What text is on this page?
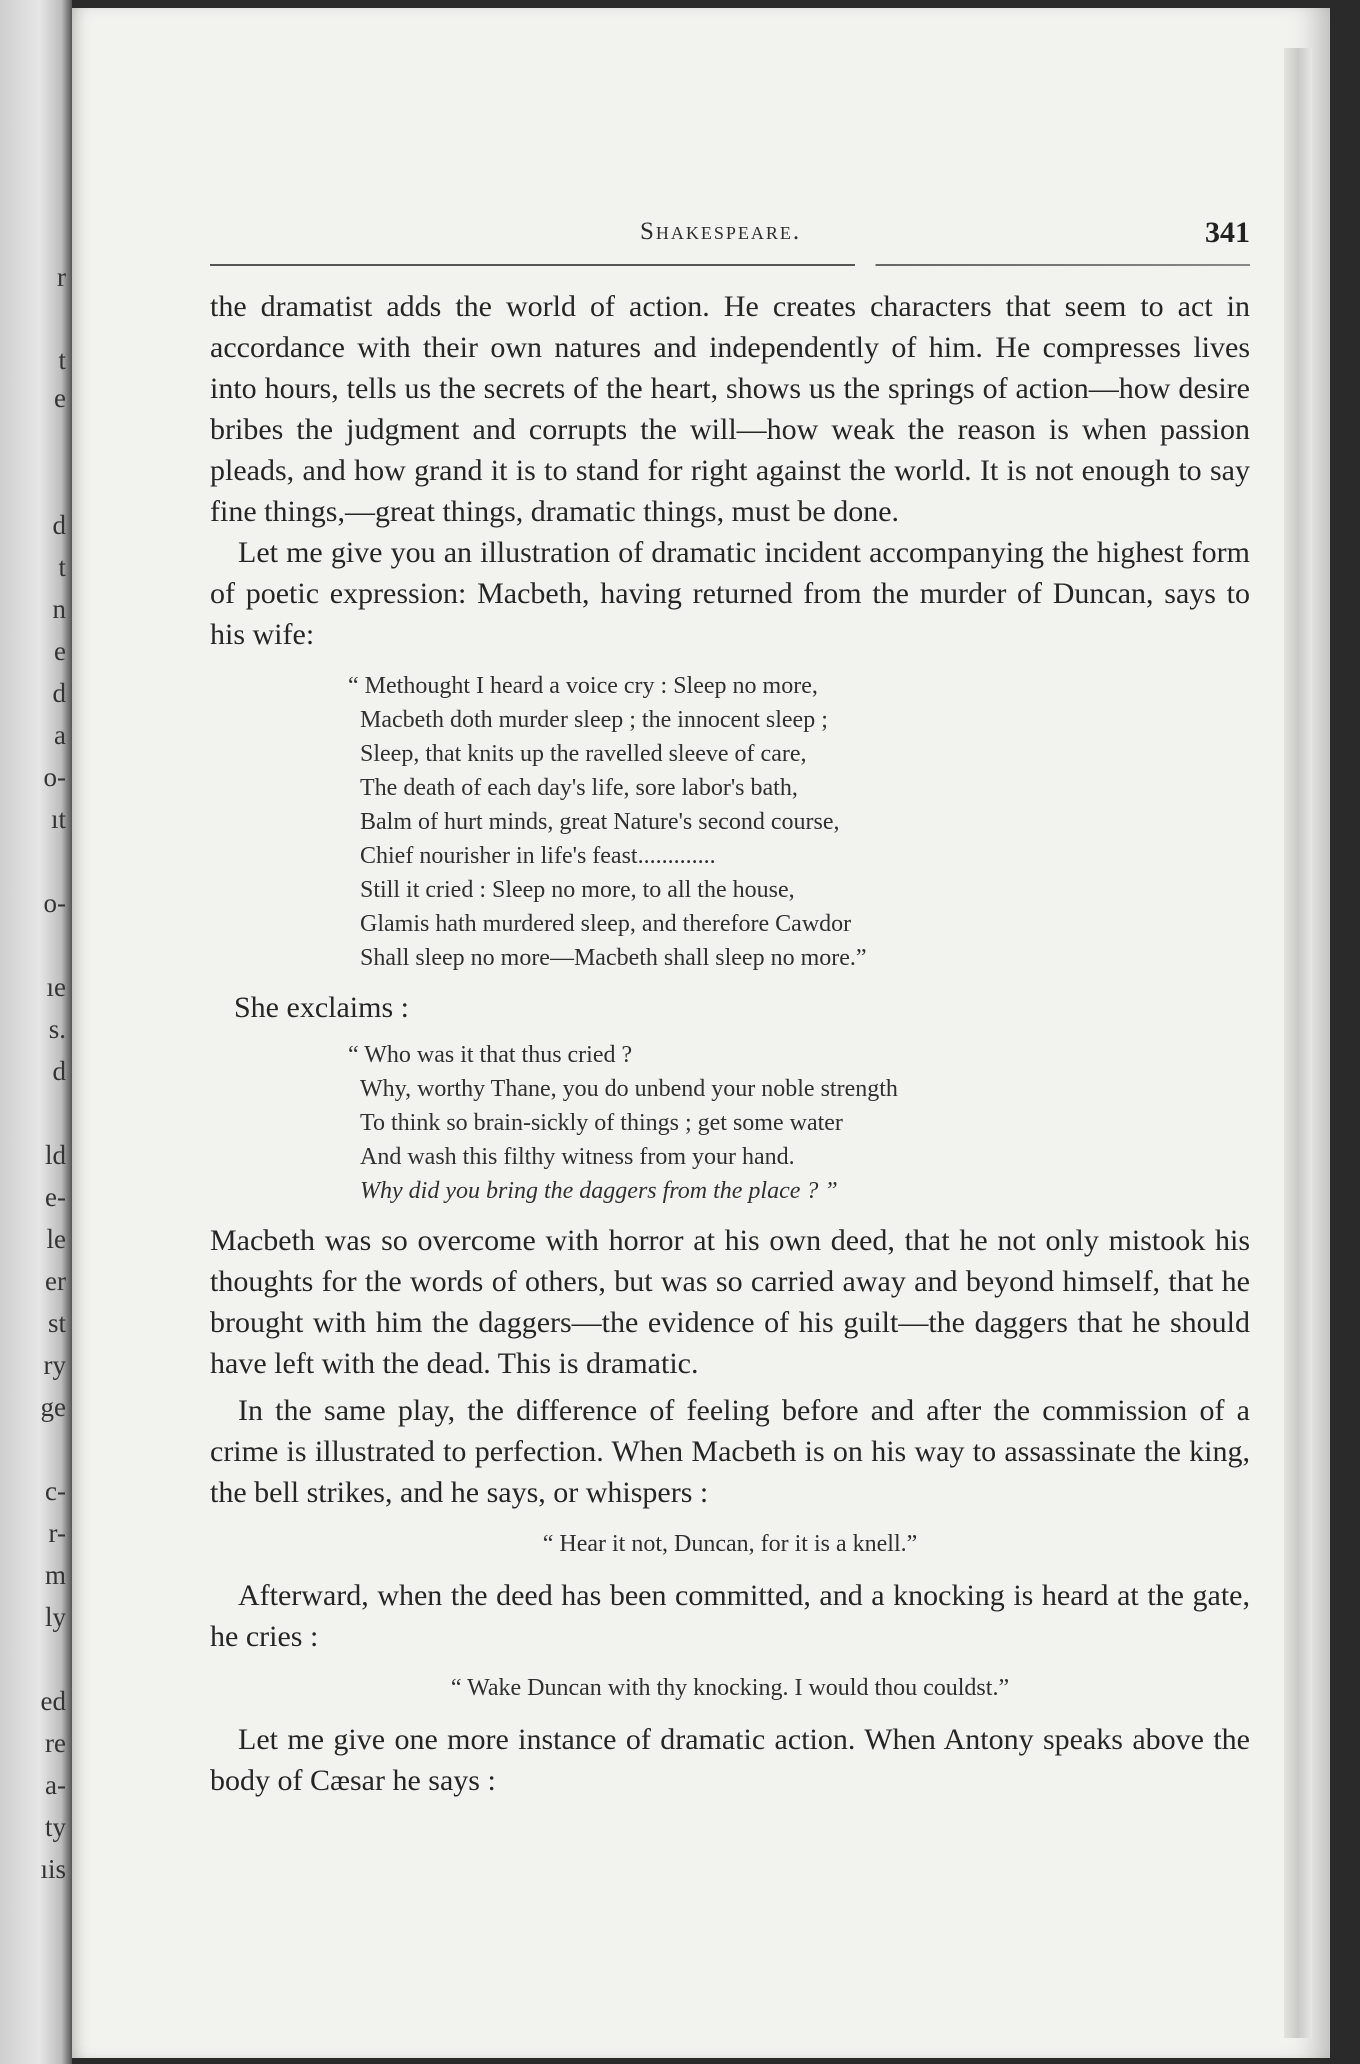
r
t
e
d
t
n
e
d
a
o-
ıt
o-
ıe
s.
d
ld
e-
le
er
st
ry
ge
c-
r-
m
ly
ed
re
a-
ty
ıis
Shakespeare.	341

the dramatist adds the world of action. He creates characters that seem to act in accordance with their own natures and independently of him. He compresses lives into hours, tells us the secrets of the heart, shows us the springs of action—how desire bribes the judgment and corrupts the will—how weak the reason is when passion pleads, and how grand it is to stand for right against the world. It is not enough to say fine things,—great things, dramatic things, must be done.

Let me give you an illustration of dramatic incident accompanying the highest form of poetic expression: Macbeth, having returned from the murder of Duncan, says to his wife:

“ Methought I heard a voice cry : Sleep no more,
Macbeth doth murder sleep ; the innocent sleep ;
Sleep, that knits up the ravelled sleeve of care,
The death of each day's life, sore labor's bath,
Balm of hurt minds, great Nature's second course,
Chief nourisher in life's feast.............
Still it cried : Sleep no more, to all the house,
Glamis hath murdered sleep, and therefore Cawdor
Shall sleep no more—Macbeth shall sleep no more.”

She exclaims :

“ Who was it that thus cried ?
Why, worthy Thane, you do unbend your noble strength
To think so brain-sickly of things ; get some water
And wash this filthy witness from your hand.
Why did you bring the daggers from the place ? ”

Macbeth was so overcome with horror at his own deed, that he not only mistook his thoughts for the words of others, but was so carried away and beyond himself, that he brought with him the daggers—the evidence of his guilt—the daggers that he should have left with the dead. This is dramatic.

In the same play, the difference of feeling before and after the commission of a crime is illustrated to perfection. When Macbeth is on his way to assassinate the king, the bell strikes, and he says, or whispers :

“ Hear it not, Duncan, for it is a knell.”

Afterward, when the deed has been committed, and a knocking is heard at the gate, he cries :

“ Wake Duncan with thy knocking. I would thou couldst.”

Let me give one more instance of dramatic action. When Antony speaks above the body of Cæsar he says :
